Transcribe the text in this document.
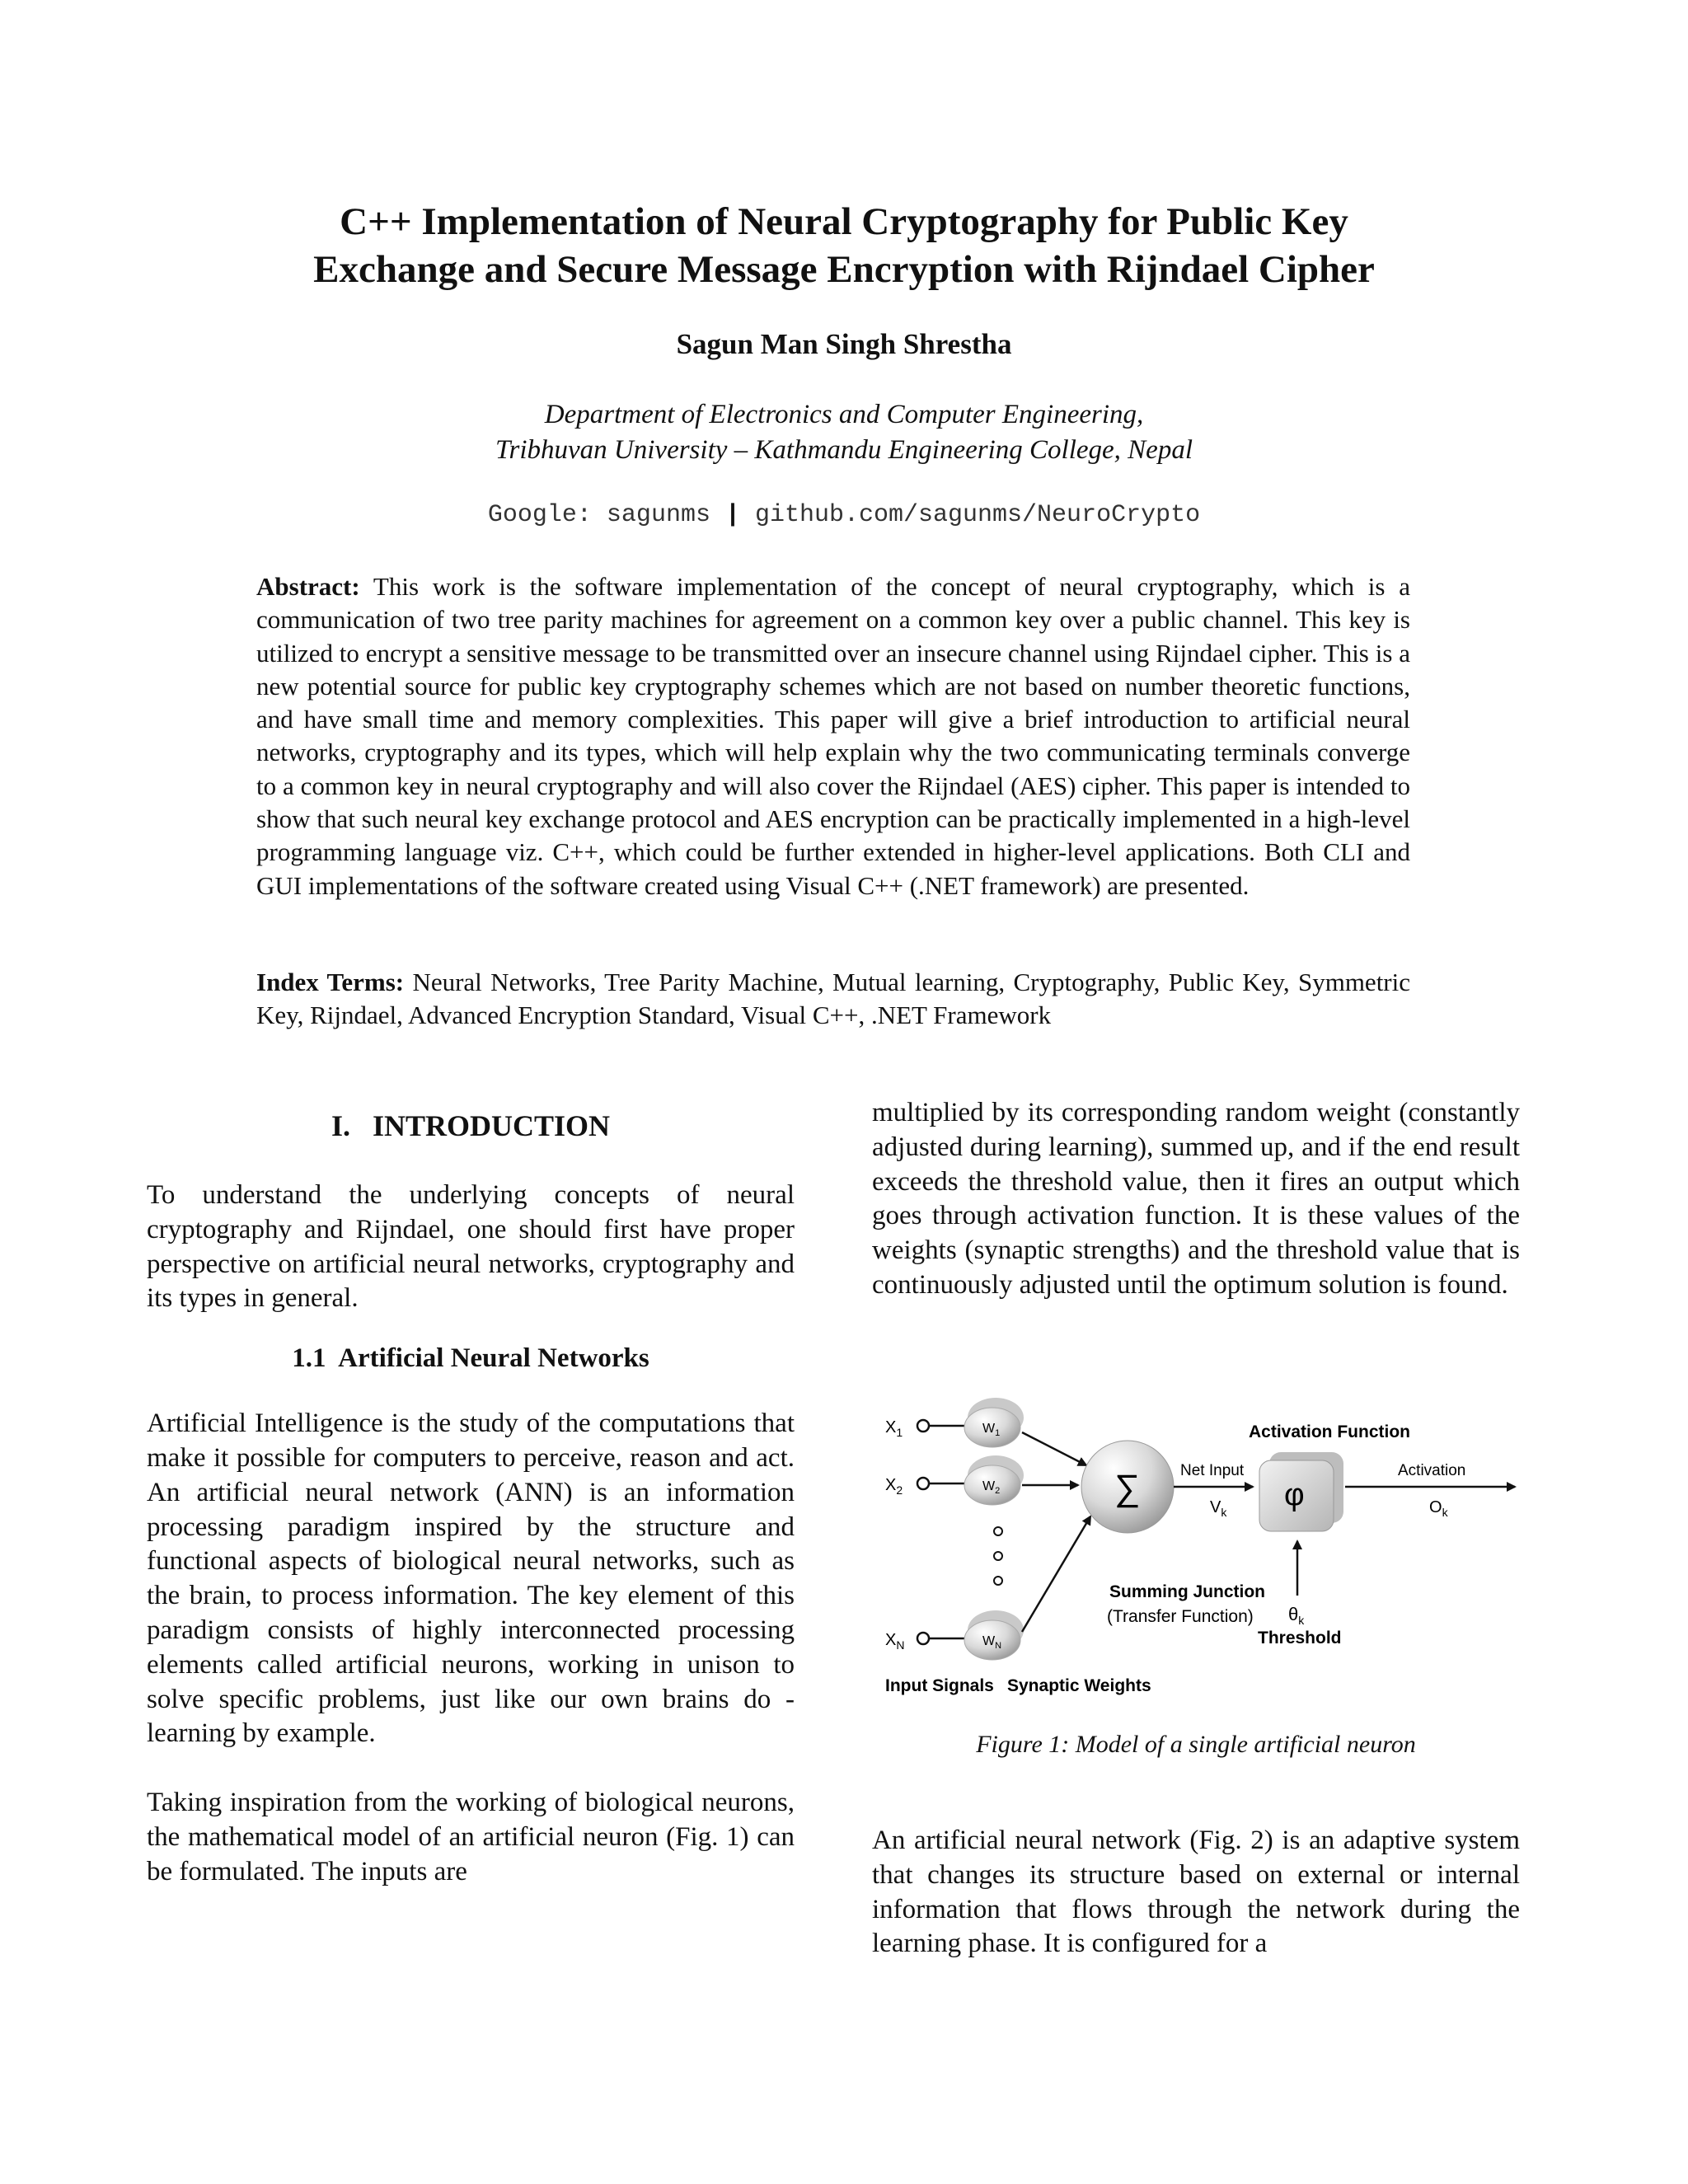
C++ Implementation of Neural Cryptography for Public Key
Exchange and Secure Message Encryption with Rijndael Cipher

Sagun Man Singh Shrestha

Department of Electronics and Computer Engineering,
Tribhuvan University – Kathmandu Engineering College, Nepal

Google: sagunms | github.com/sagunms/NeuroCrypto

Abstract: This work is the software implementation of the concept of neural cryptography, which is a communication of two tree parity machines for agreement on a common key over a public channel. This key is utilized to encrypt a sensitive message to be transmitted over an insecure channel using Rijndael cipher. This is a new potential source for public key cryptography schemes which are not based on number theoretic functions, and have small time and memory complexities. This paper will give a brief introduction to artificial neural networks, cryptography and its types, which will help explain why the two communicating terminals converge to a common key in neural cryptography and will also cover the Rijndael (AES) cipher. This paper is intended to show that such neural key exchange protocol and AES encryption can be practically implemented in a high-level programming language viz. C++, which could be further extended in higher-level applications. Both CLI and GUI implementations of the software created using Visual C++ (.NET framework) are presented.

Index Terms: Neural Networks, Tree Parity Machine, Mutual learning, Cryptography, Public Key, Symmetric Key, Rijndael, Advanced Encryption Standard, Visual C++, .NET Framework

I.   INTRODUCTION

To understand the underlying concepts of neural cryptography and Rijndael, one should first have proper perspective on artificial neural networks, cryptography and its types in general.

1.1  Artificial Neural Networks

Artificial Intelligence is the study of the computations that make it possible for computers to perceive, reason and act. An artificial neural network (ANN) is an information processing paradigm inspired by the structure and functional aspects of biological neural networks, such as the brain, to process information. The key element of this paradigm consists of highly interconnected processing elements called artificial neurons, working in unison to solve specific problems, just like our own brains do - learning by example.

Taking inspiration from the working of biological neurons, the mathematical model of an artificial neuron (Fig. 1) can be formulated. The inputs are

multiplied by its corresponding random weight (constantly adjusted during learning), summed up, and if the end result exceeds the threshold value, then it fires an output which goes through activation function. It is these values of the weights (synaptic strengths) and the threshold value that is continuously adjusted until the optimum solution is found.

$X_1$
$X_2$
$X_N$
$W_1$
$W_2$
$W_N$
∑	Net Input
$V_k$ φ
Activation Function
Activation
$O_k$
$\theta_k$
Threshold
Summing Junction
(Transfer Function)
Input Signals Synaptic Weights

Figure 1: Model of a single artificial neuron

An artificial neural network (Fig. 2) is an adaptive system that changes its structure based on external or internal information that flows through the network during the learning phase. It is configured for a
